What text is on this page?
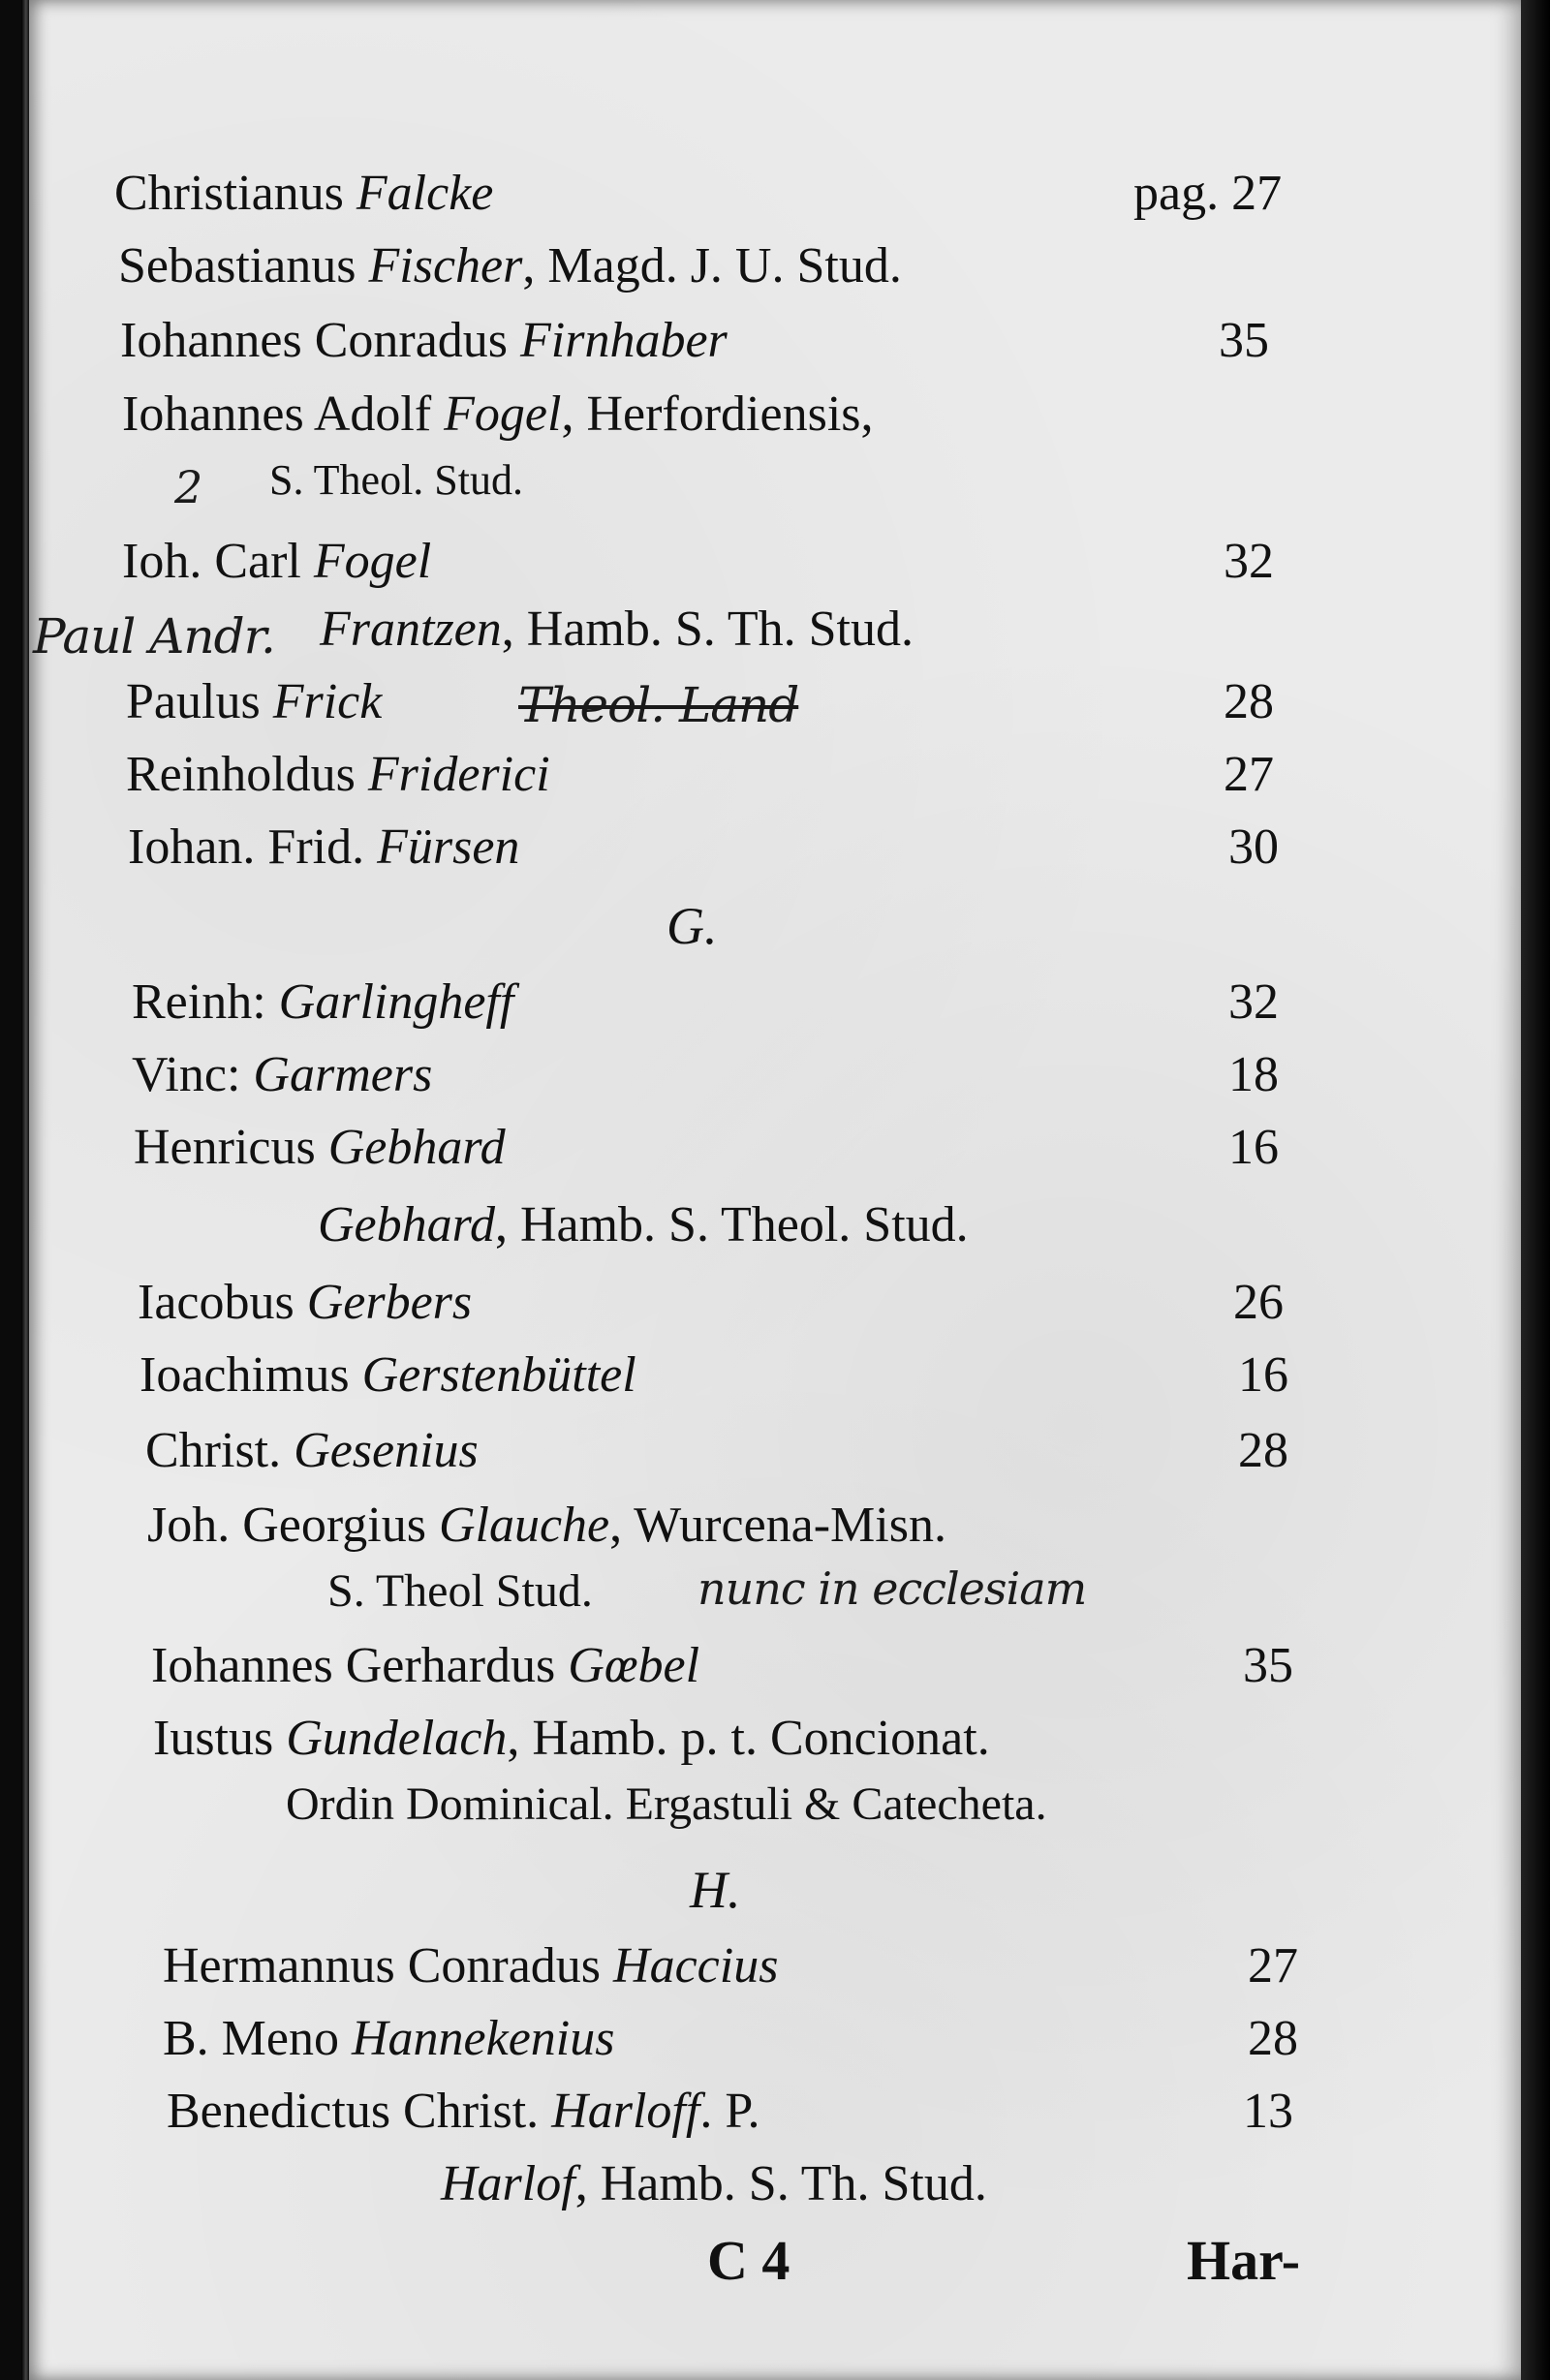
Christianus Falcke	pag. 27
Sebastianus Fischer, Magd. J. U. Stud.
Iohannes Conradus Firnhaber	35
Iohannes Adolf Fogel, Herfordiensis,
2 S. Theol. Stud.
Ioh. Carl Fogel	32
Paul Andr. Frantzen, Hamb. S. Th. Stud.
Paulus Frick	Theol. Land	28
Reinholdus Friderici	27
Iohan. Frid. Fürsen	30
G.
Reinh: Garlingheff	32
Vinc: Garmers	18
Henricus Gebhard	16
Gebhard, Hamb. S. Theol. Stud.
Iacobus Gerbers	26
Ioachimus Gerstenbüttel	16
Christ. Gesenius	28
Joh. Georgius Glauche, Wurcena-Misn.
S. Theol Stud. nunc in ecclesiam
Iohannes Gerhardus Gœbel	35
Iustus Gundelach, Hamb. p. t. Concionat.
Ordin Dominical. Ergastuli & Catecheta.
H.
Hermannus Conradus Haccius	27
B. Meno Hannekenius	28
Benedictus Christ. Harloff. P.	13
Harlof, Hamb. S. Th. Stud.
C 4	Har-
